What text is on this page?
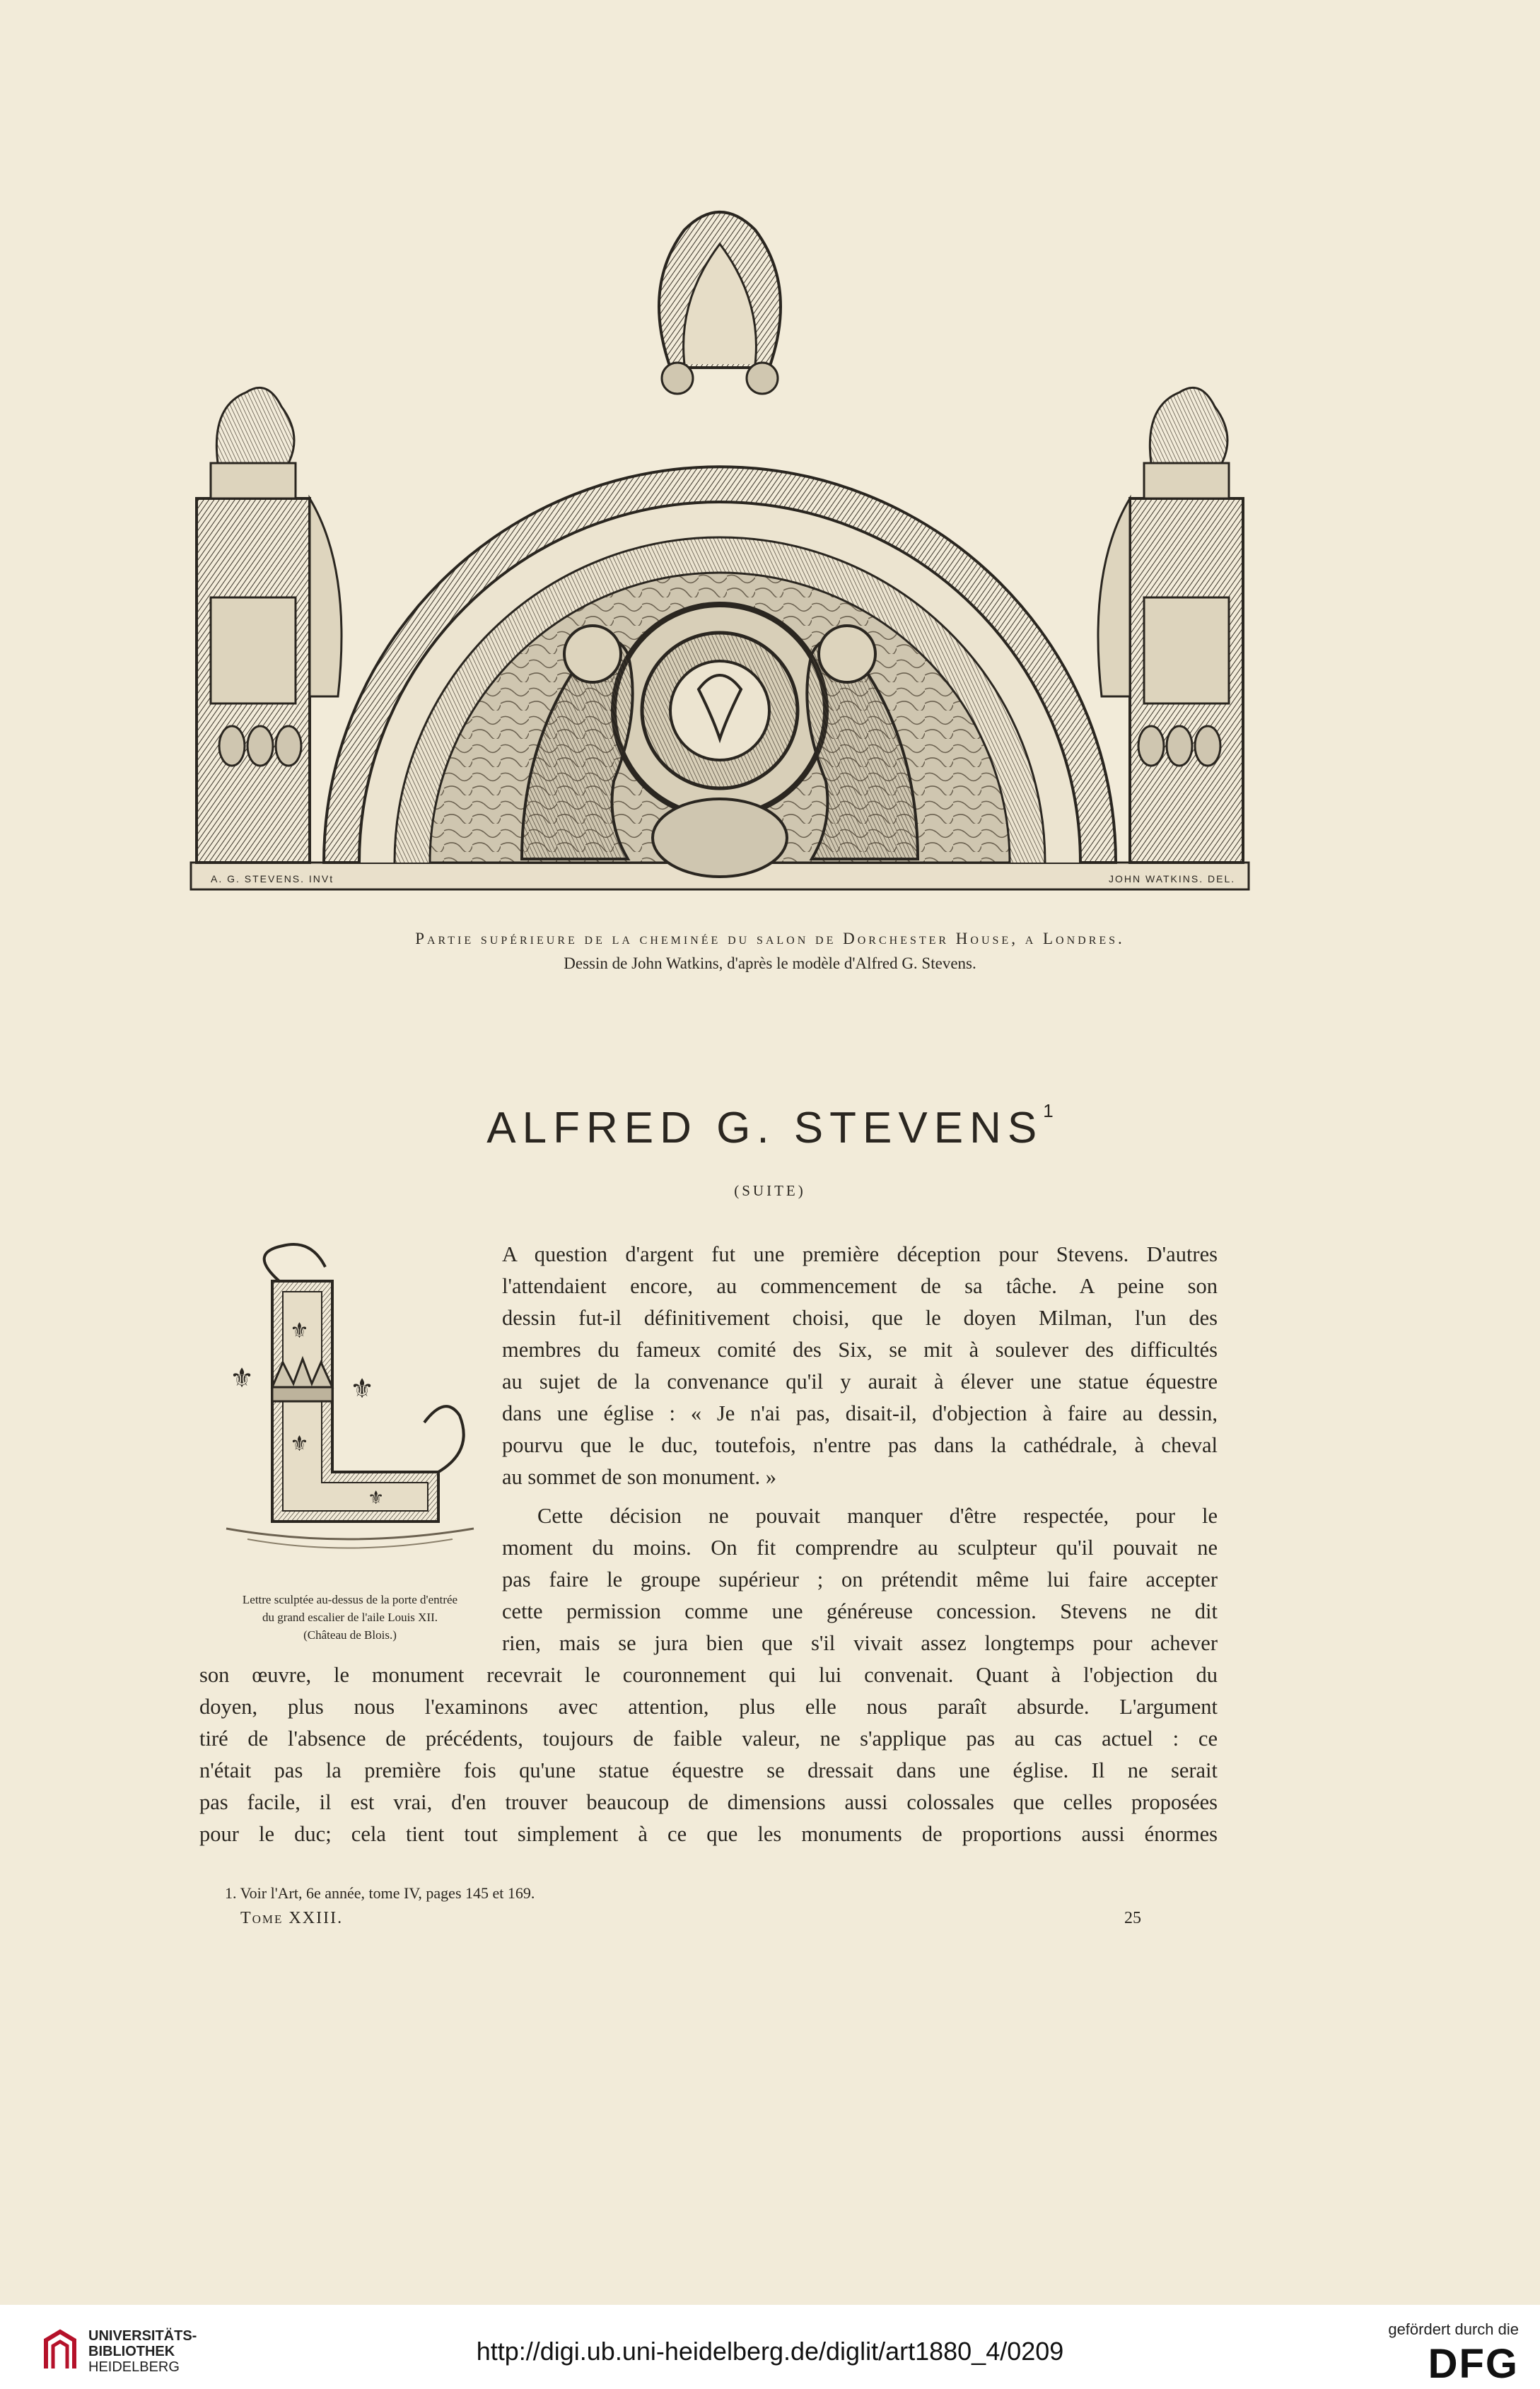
A. G. STEVENS. INVt	JOHN WATKINS. DEL.
Partie supérieure de la cheminée du salon de Dorchester House, a Londres.
Dessin de John Watkins, d'après le modèle d'Alfred G. Stevens.
ALFRED G. STEVENS$^1$
(SUITE)
⚜	⚜
⚜
⚜
⚜
Lettre sculptée au-dessus de la porte d'entrée
du grand escalier de l'aile Louis XII.
(Château de Blois.)
A question d'argent fut une première déception pour Stevens. D'autres
l'attendaient encore, au commencement de sa tâche. A peine son
dessin fut-il définitivement choisi, que le doyen Milman, l'un des
membres du fameux comité des Six, se mit à soulever des difficultés
au sujet de la convenance qu'il y aurait à élever une statue équestre
dans une église : « Je n'ai pas, disait-il, d'objection à faire au dessin,
pourvu que le duc, toutefois, n'entre pas dans la cathédrale, à cheval
au sommet de son monument. »
Cette décision ne pouvait manquer d'être respectée, pour le
moment du moins. On fit comprendre au sculpteur qu'il pouvait ne
pas faire le groupe supérieur ; on prétendit même lui faire accepter
cette permission comme une généreuse concession. Stevens ne dit
rien, mais se jura bien que s'il vivait assez longtemps pour achever
son œuvre, le monument recevrait le couronnement qui lui convenait. Quant à l'objection du
doyen, plus nous l'examinons avec attention, plus elle nous paraît absurde. L'argument
tiré de l'absence de précédents, toujours de faible valeur, ne s'applique pas au cas actuel : ce
n'était pas la première fois qu'une statue équestre se dressait dans une église. Il ne serait
pas facile, il est vrai, d'en trouver beaucoup de dimensions aussi colossales que celles proposées
pour le duc; cela tient tout simplement à ce que les monuments de proportions aussi énormes
1. Voir l'Art, 6e année, tome IV, pages 145 et 169.
Tome XXIII.	25
UNIVERSITÄTS-
BIBLIOTHEK
HEIDELBERG
http://digi.ub.uni-heidelberg.de/diglit/art1880_4/0209
gefördert durch die
DFG
